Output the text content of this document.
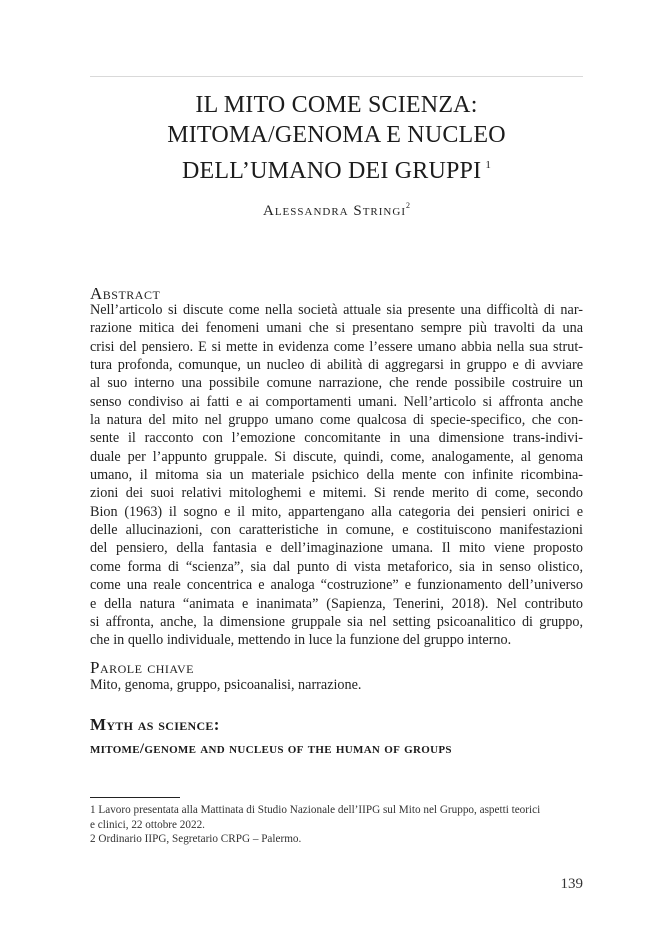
IL MITO COME SCIENZA:

MITOMA/GENOMA E NUCLEO

DELL’UMANO DEI GRUPPI $^1$

Alessandra Stringi$^2$
Abstract
Nell’articolo si discute come nella società attuale sia presente una difficoltà di nar-
razione mitica dei fenomeni umani che si presentano sempre più travolti da una
crisi del pensiero. E si mette in evidenza come l’essere umano abbia nella sua strut-
tura profonda, comunque, un nucleo di abilità di aggregarsi in gruppo e di avviare
al suo interno una possibile comune narrazione, che rende possibile costruire un
senso condiviso ai fatti e ai comportamenti umani. Nell’articolo si affronta anche
la natura del mito nel gruppo umano come qualcosa di specie-specifico, che con-
sente il racconto con l’emozione concomitante in una dimensione trans-indivi-
duale per l’appunto gruppale. Si discute, quindi, come, analogamente, al genoma
umano, il mitoma sia un materiale psichico della mente con infinite ricombina-
zioni dei suoi relativi mitologhemi e mitemi. Si rende merito di come, secondo
Bion (1963) il sogno e il mito, appartengano alla categoria dei pensieri onirici e
delle allucinazioni, con caratteristiche in comune, e costituiscono manifestazioni
del pensiero, della fantasia e dell’imaginazione umana. Il mito viene proposto
come forma di “scienza”, sia dal punto di vista metaforico, sia in senso olistico,
come una reale concentrica e analoga “costruzione” e funzionamento dell’universo
e della natura “animata e inanimata” (Sapienza, Tenerini, 2018). Nel contributo
si affronta, anche, la dimensione gruppale sia nel setting psicoanalitico di gruppo,
che in quello individuale, mettendo in luce la funzione del gruppo interno.
Parole chiave
Mito, genoma, gruppo, psicoanalisi, narrazione.
Myth as science:
mitome/genome and nucleus of the human of groups
1 Lavoro presentata alla Mattinata di Studio Nazionale dell’IIPG sul Mito nel Gruppo, aspetti teorici
e clinici, 22 ottobre 2022.
2 Ordinario IIPG, Segretario CRPG – Palermo.
139
